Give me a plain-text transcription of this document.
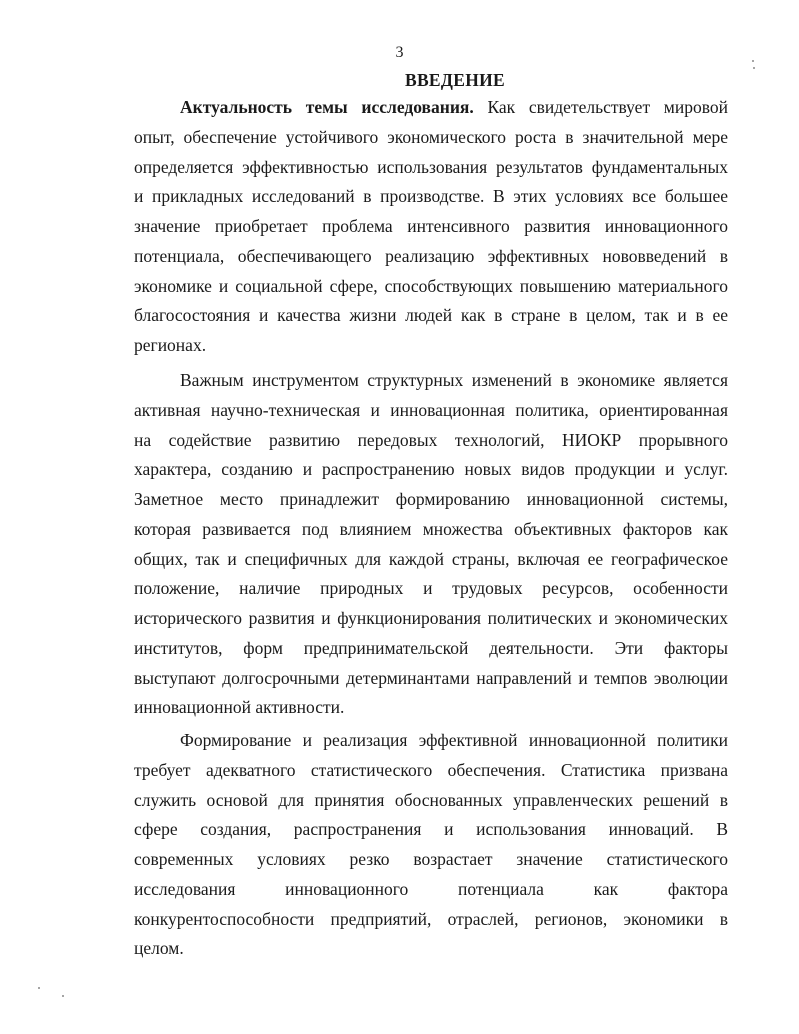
3
ВВЕДЕНИЕ
Актуальность темы исследования. Как свидетельствует мировой
опыт, обеспечение устойчивого экономического роста в значительной мере
определяется эффективностью использования результатов фундаментальных
и прикладных исследований в производстве. В этих условиях все большее
значение приобретает проблема интенсивного развития инновационного
потенциала, обеспечивающего реализацию эффективных нововведений в
экономике и социальной сфере, способствующих повышению материального
благосостояния и качества жизни людей как в стране в целом, так и в ее
регионах.
Важным инструментом структурных изменений в экономике является
активная научно-техническая и инновационная политика, ориентированная
на содействие развитию передовых технологий, НИОКР прорывного
характера, созданию и распространению новых видов продукции и услуг.
Заметное место принадлежит формированию инновационной системы,
которая развивается под влиянием множества объективных факторов как
общих, так и специфичных для каждой страны, включая ее географическое
положение, наличие природных и трудовых ресурсов, особенности
исторического развития и функционирования политических и экономических
институтов, форм предпринимательской деятельности. Эти факторы
выступают долгосрочными детерминантами направлений и темпов эволюции
инновационной активности.
Формирование и реализация эффективной инновационной политики
требует адекватного статистического обеспечения. Статистика призвана
служить основой для принятия обоснованных управленческих решений в
сфере создания, распространения и использования инноваций. В
современных условиях резко возрастает значение статистического
исследования инновационного потенциала как фактора
конкурентоспособности предприятий, отраслей, регионов, экономики в
целом.
